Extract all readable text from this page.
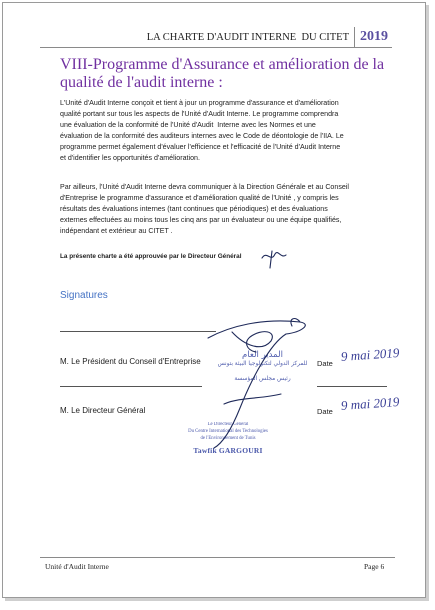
LA CHARTE D'AUDIT INTERNE  DU CITET 2019
VIII-Programme d'Assurance et amélioration de la
qualité de l'audit interne :
L'Unité d'Audit Interne conçoit et tient à jour un programme d'assurance et d'amélioration
qualité portant sur tous les aspects de l'Unité d'Audit Interne. Le programme comprendra
une évaluation de la conformité de l'Unité d'Audit  Interne avec les Normes et une
évaluation de la conformité des auditeurs internes avec le Code de déontologie de l'IIA. Le
programme permet également d'évaluer l'efficience et l'efficacité de l'Unité d'Audit Interne
et d'identifier les opportunités d'amélioration.
Par ailleurs, l'Unité d'Audit Interne devra communiquer à la Direction Générale et au Conseil
d'Entreprise le programme d'assurance et d'amélioration qualité de l'Unité , y compris les
résultats des évaluations internes (tant continues que périodiques) et des évaluations
externes effectuées au moins tous les cinq ans par un évaluateur ou une équipe qualifiés,
indépendant et extérieur au CITET .
La présente charte a été approuvée par le Directeur Général
Signatures
المدير العام
للمركز الدولي لتكنولوجيا البيئة بتونس
رئيس مجلس المؤسسة
M. Le Président du Conseil d'Entreprise	Date 9 mai 2019
M. Le Directeur Général	Date 9 mai 2019
Le Directeur Général
Du Centre International des Technologies
de l'Environnement de Tunis
Tawfik GARGOURI
Unité d'Audit Interne	Page 6
